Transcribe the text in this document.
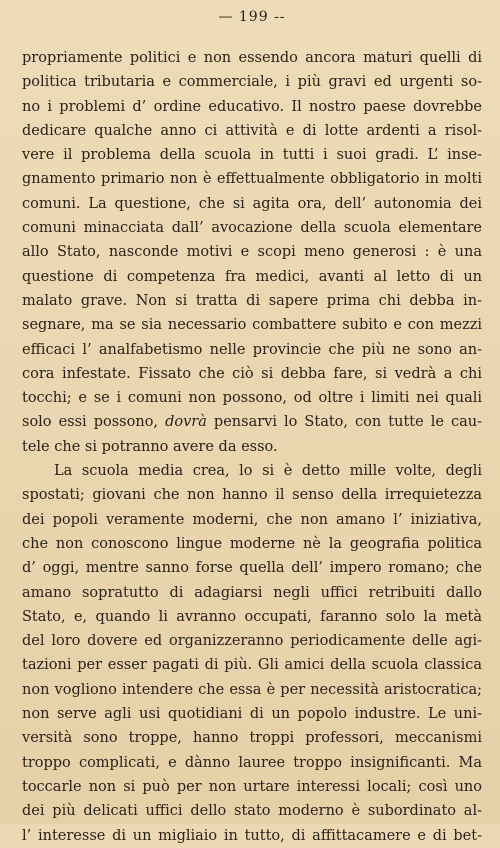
— 199 --
propriamente politici e non essendo ancora maturi quelli di
politica tributaria e commerciale, i più gravi ed urgenti so-
no i problemi d’ ordine educativo. Il nostro paese dovrebbe
dedicare qualche anno ci attività e di lotte ardenti a risol-
vere il problema della scuola in tutti i suoi gradi. L’ inse-
gnamento primario non è effettualmente obbligatorio in molti
comuni. La questione, che si agita ora, dell’ autonomia dei
comuni minacciata dall’ avocazione della scuola elementare
allo Stato, nasconde motivi e scopi meno generosi : è una
questione di competenza fra medici, avanti al letto di un
malato grave. Non si tratta di sapere prima chi debba in-
segnare, ma se sia necessario combattere subito e con mezzi
efficaci l’ analfabetismo nelle provincie che più ne sono an-
cora infestate. Fissato che ciò si debba fare, si vedrà a chi
tocchi; e se i comuni non possono, od oltre i limiti nei quali
solo essi possono, dovrà pensarvi lo Stato, con tutte le cau-
tele che si potranno avere da esso.
La scuola media crea, lo si è detto mille volte, degli
spostati; giovani che non hanno il senso della irrequietezza
dei popoli veramente moderni, che non amano l’ iniziativa,
che non conoscono lingue moderne nè la geografia politica
d’ oggi, mentre sanno forse quella dell’ impero romano; che
amano sopratutto di adagiarsi negli uffici retribuiti dallo
Stato, e, quando li avranno occupati, faranno solo la metà
del loro dovere ed organizzeranno periodicamente delle agi-
tazioni per esser pagati di più. Gli amici della scuola classica
non vogliono intendere che essa è per necessità aristocratica;
non serve agli usi quotidiani di un popolo industre. Le uni-
versità sono troppe, hanno troppi professori, meccanismi
troppo complicati, e dànno lauree troppo insignificanti. Ma
toccarle non si può per non urtare interessi locali; così uno
dei più delicati uffici dello stato moderno è subordinato al-
l’ interesse di un migliaio in tutto, di affittacamere e di bet-
